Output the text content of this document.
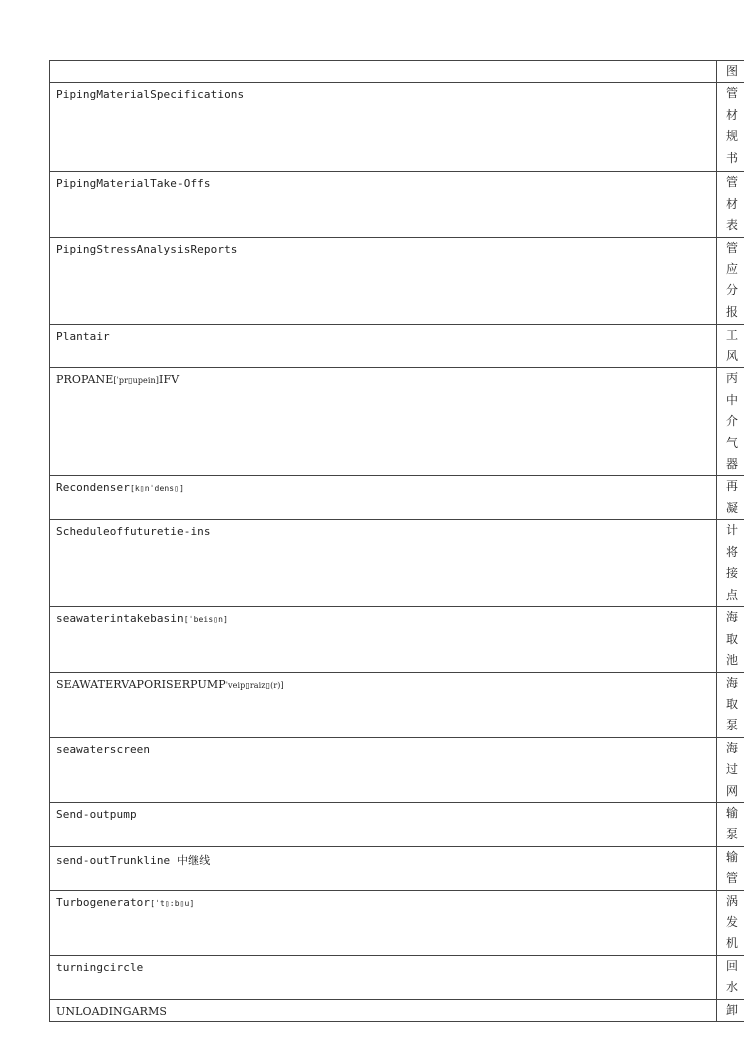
	图
PipingMaterialSpecifications	管
材
规
书
PipingMaterialTake-Offs	管
材
表
PipingStressAnalysisReports	管
应
分
报
Plantair	工
风
PROPANE[ˈpr▯upein]IFV	丙
中
介
气
器
Recondenser[k▯nˈdens▯]	再
凝
Scheduleoffuturetie-ins	计
将
接
点
seawaterintakebasin[ˈbeis▯n]	海
取
池
SEAWATERVAPORISERPUMPˈveip▯raiz▯(r)]	海
取
泵
seawaterscreen	海
过
网
Send-outpump	输
泵
send-outTrunkline 中继线	输
管
Turbogenerator[ˈt▯:b▯u]	涡
发
机
turningcircle	回
水
UNLOADINGARMS	卸
